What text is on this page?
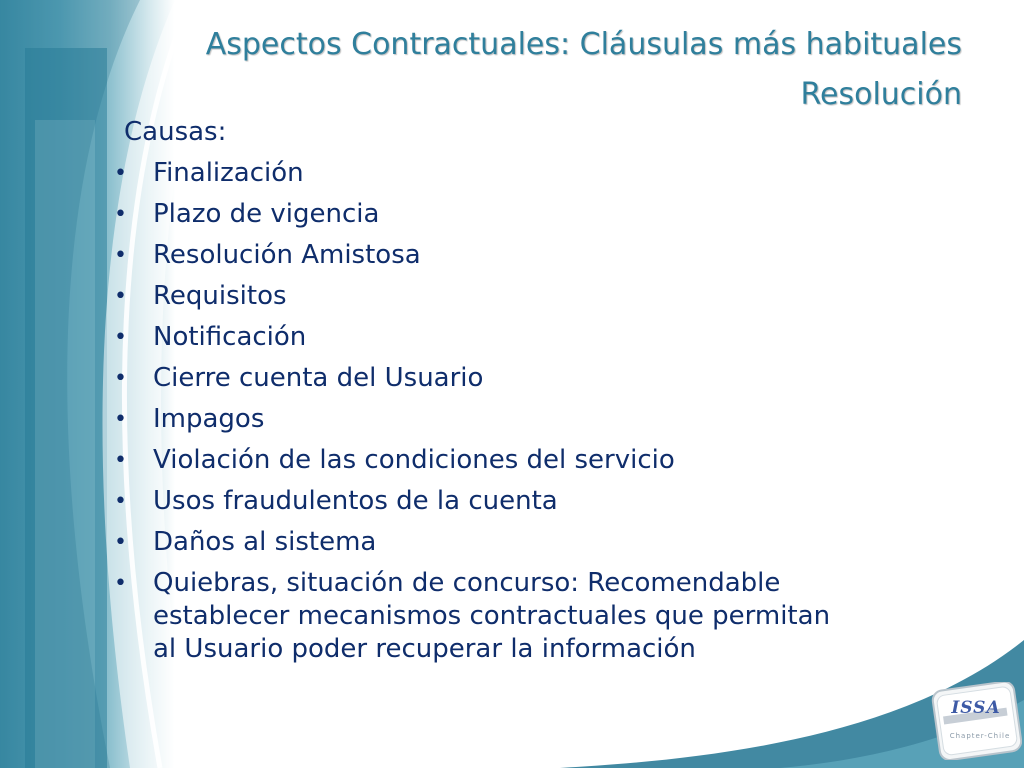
Aspectos Contractuales: Cláusulas más habituales
Resolución
Causas:
• Finalización
• Plazo de vigencia
• Resolución Amistosa
• Requisitos
• Notificación
• Cierre cuenta del Usuario
• Impagos
• Violación de las condiciones del servicio
• Usos fraudulentos de la cuenta
• Daños al sistema
• Quiebras, situación de concurso: Recomendable
establecer mecanismos contractuales que permitan
al Usuario poder recuperar la información
ISSA
Chapter-Chile
